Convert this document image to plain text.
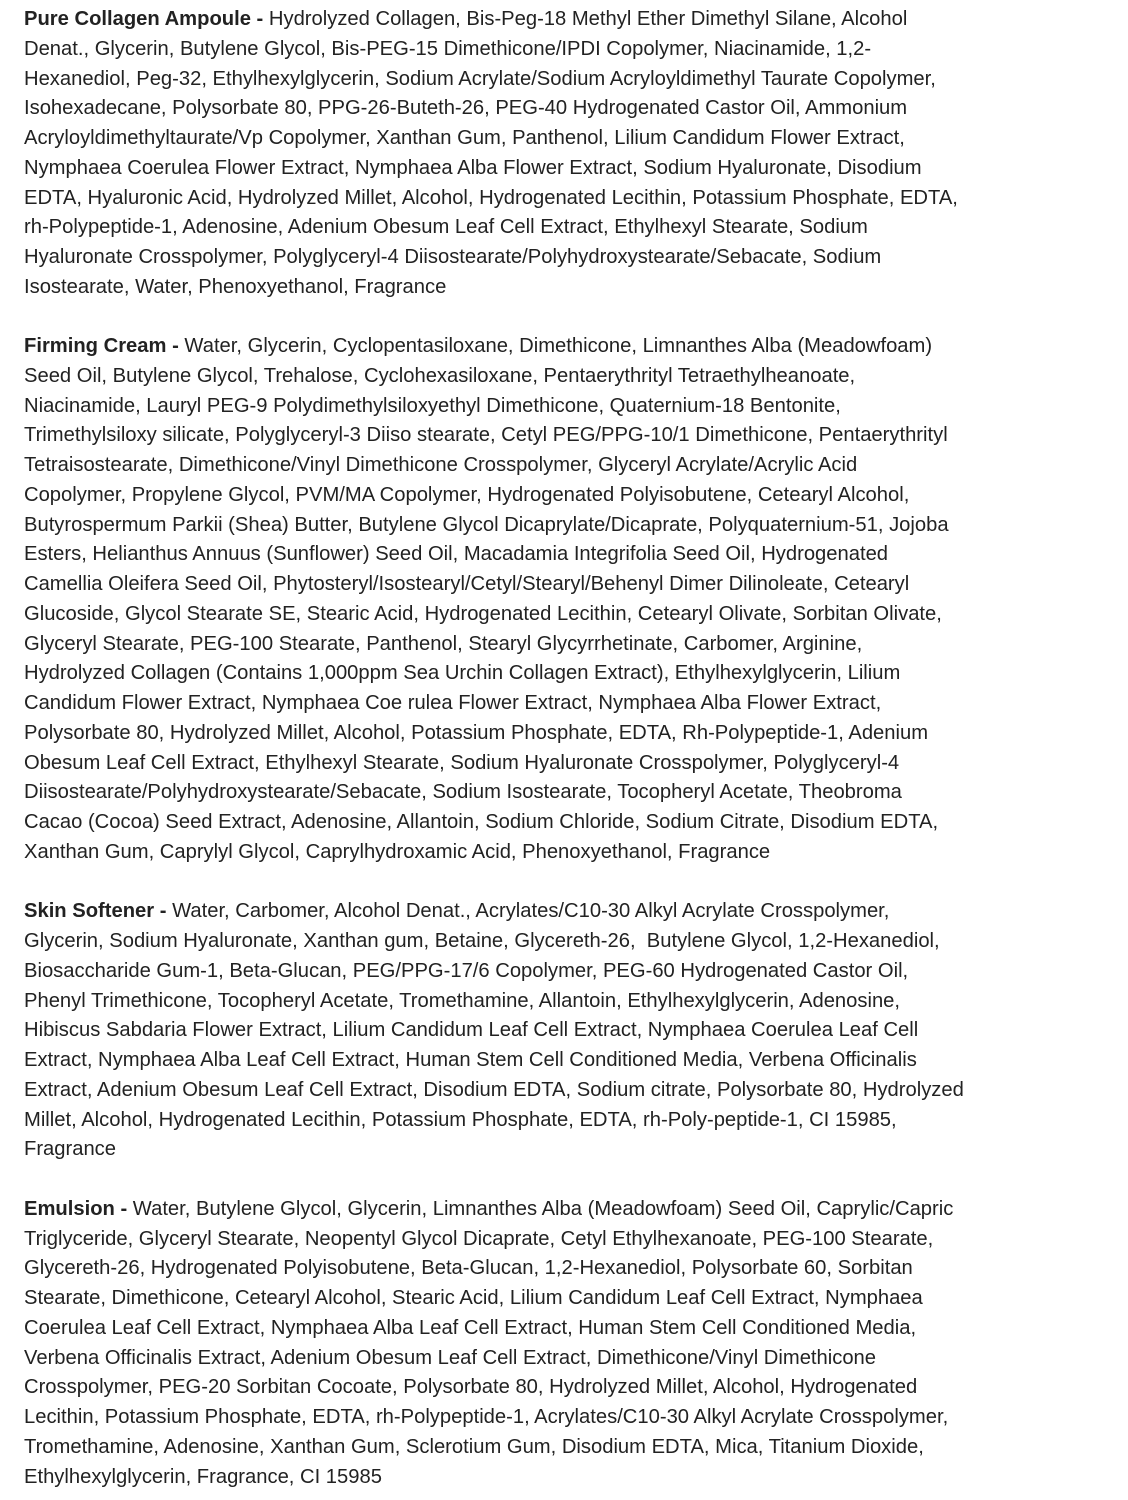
Pure Collagen Ampoule - Hydrolyzed Collagen, Bis-Peg-18 Methyl Ether Dimethyl Silane, Alcohol
Denat., Glycerin, Butylene Glycol, Bis-PEG-15 Dimethicone/IPDI Copolymer, Niacinamide, 1,2-
Hexanediol, Peg-32, Ethylhexylglycerin, Sodium Acrylate/Sodium Acryloyldimethyl Taurate Copolymer,
Isohexadecane, Polysorbate 80, PPG-26-Buteth-26, PEG-40 Hydrogenated Castor Oil, Ammonium
Acryloyldimethyltaurate/Vp Copolymer, Xanthan Gum, Panthenol, Lilium Candidum Flower Extract,
Nymphaea Coerulea Flower Extract, Nymphaea Alba Flower Extract, Sodium Hyaluronate, Disodium
EDTA, Hyaluronic Acid, Hydrolyzed Millet, Alcohol, Hydrogenated Lecithin, Potassium Phosphate, EDTA,
rh-Polypeptide-1, Adenosine, Adenium Obesum Leaf Cell Extract, Ethylhexyl Stearate, Sodium
Hyaluronate Crosspolymer, Polyglyceryl-4 Diisostearate/Polyhydroxystearate/Sebacate, Sodium
Isostearate, Water, Phenoxyethanol, Fragrance
Firming Cream - Water, Glycerin, Cyclopentasiloxane, Dimethicone, Limnanthes Alba (Meadowfoam)
Seed Oil, Butylene Glycol, Trehalose, Cyclohexasiloxane, Pentaerythrityl Tetraethylheanoate,
Niacinamide, Lauryl PEG-9 Polydimethylsiloxyethyl Dimethicone, Quaternium-18 Bentonite,
Trimethylsiloxy silicate, Polyglyceryl-3 Diiso stearate, Cetyl PEG/PPG-10/1 Dimethicone, Pentaerythrityl
Tetraisostearate, Dimethicone/Vinyl Dimethicone Crosspolymer, Glyceryl Acrylate/Acrylic Acid
Copolymer, Propylene Glycol, PVM/MA Copolymer, Hydrogenated Polyisobutene, Cetearyl Alcohol,
Butyrospermum Parkii (Shea) Butter, Butylene Glycol Dicaprylate/Dicaprate, Polyquaternium-51, Jojoba
Esters, Helianthus Annuus (Sunflower) Seed Oil, Macadamia Integrifolia Seed Oil, Hydrogenated
Camellia Oleifera Seed Oil, Phytosteryl/Isostearyl/Cetyl/Stearyl/Behenyl Dimer Dilinoleate, Cetearyl
Glucoside, Glycol Stearate SE, Stearic Acid, Hydrogenated Lecithin, Cetearyl Olivate, Sorbitan Olivate,
Glyceryl Stearate, PEG-100 Stearate, Panthenol, Stearyl Glycyrrhetinate, Carbomer, Arginine,
Hydrolyzed Collagen (Contains 1,000ppm Sea Urchin Collagen Extract), Ethylhexylglycerin, Lilium
Candidum Flower Extract, Nymphaea Coe rulea Flower Extract, Nymphaea Alba Flower Extract,
Polysorbate 80, Hydrolyzed Millet, Alcohol, Potassium Phosphate, EDTA, Rh-Polypeptide-1, Adenium
Obesum Leaf Cell Extract, Ethylhexyl Stearate, Sodium Hyaluronate Crosspolymer, Polyglyceryl-4
Diisostearate/Polyhydroxystearate/Sebacate, Sodium Isostearate, Tocopheryl Acetate, Theobroma
Cacao (Cocoa) Seed Extract, Adenosine, Allantoin, Sodium Chloride, Sodium Citrate, Disodium EDTA,
Xanthan Gum, Caprylyl Glycol, Caprylhydroxamic Acid, Phenoxyethanol, Fragrance
Skin Softener - Water, Carbomer, Alcohol Denat., Acrylates/C10-30 Alkyl Acrylate Crosspolymer,
Glycerin, Sodium Hyaluronate, Xanthan gum, Betaine, Glycereth-26,  Butylene Glycol, 1,2-Hexanediol,
Biosaccharide Gum-1, Beta-Glucan, PEG/PPG-17/6 Copolymer, PEG-60 Hydrogenated Castor Oil,
Phenyl Trimethicone, Tocopheryl Acetate, Tromethamine, Allantoin, Ethylhexylglycerin, Adenosine,
Hibiscus Sabdaria Flower Extract, Lilium Candidum Leaf Cell Extract, Nymphaea Coerulea Leaf Cell
Extract, Nymphaea Alba Leaf Cell Extract, Human Stem Cell Conditioned Media, Verbena Officinalis
Extract, Adenium Obesum Leaf Cell Extract, Disodium EDTA, Sodium citrate, Polysorbate 80, Hydrolyzed
Millet, Alcohol, Hydrogenated Lecithin, Potassium Phosphate, EDTA, rh-Poly-peptide-1, CI 15985,
Fragrance
Emulsion - Water, Butylene Glycol, Glycerin, Limnanthes Alba (Meadowfoam) Seed Oil, Caprylic/Capric
Triglyceride, Glyceryl Stearate, Neopentyl Glycol Dicaprate, Cetyl Ethylhexanoate, PEG-100 Stearate,
Glycereth-26, Hydrogenated Polyisobutene, Beta-Glucan, 1,2-Hexanediol, Polysorbate 60, Sorbitan
Stearate, Dimethicone, Cetearyl Alcohol, Stearic Acid, Lilium Candidum Leaf Cell Extract, Nymphaea
Coerulea Leaf Cell Extract, Nymphaea Alba Leaf Cell Extract, Human Stem Cell Conditioned Media,
Verbena Officinalis Extract, Adenium Obesum Leaf Cell Extract, Dimethicone/Vinyl Dimethicone
Crosspolymer, PEG-20 Sorbitan Cocoate, Polysorbate 80, Hydrolyzed Millet, Alcohol, Hydrogenated
Lecithin, Potassium Phosphate, EDTA, rh-Polypeptide-1, Acrylates/C10-30 Alkyl Acrylate Crosspolymer,
Tromethamine, Adenosine, Xanthan Gum, Sclerotium Gum, Disodium EDTA, Mica, Titanium Dioxide,
Ethylhexylglycerin, Fragrance, CI 15985
